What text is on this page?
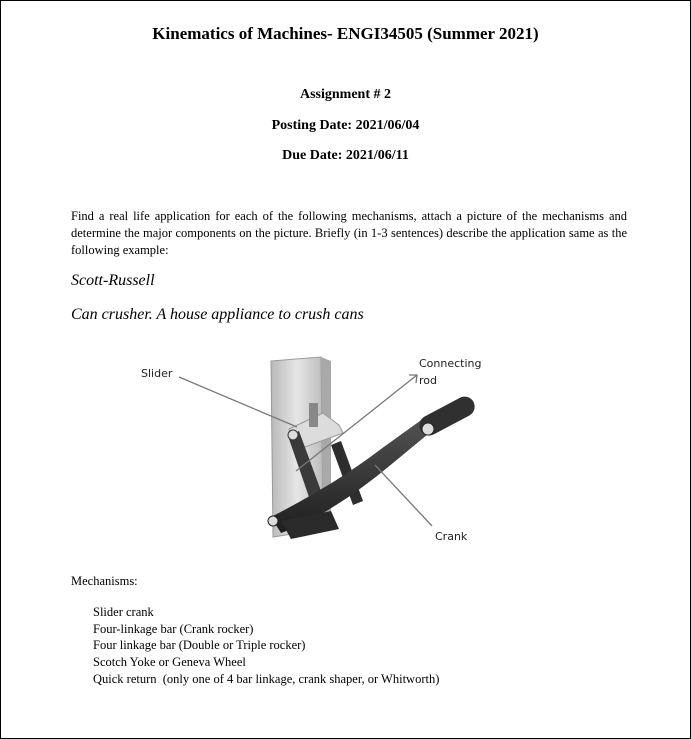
Kinematics of Machines- ENGI34505 (Summer 2021)
Assignment # 2
Posting Date: 2021/06/04
Due Date: 2021/06/11
Find a real life application for each of the following mechanisms, attach a picture of the mechanisms and determine the major components on the picture. Briefly (in 1-3 sentences) describe the application same as the following example:
Scott-Russell
Can crusher. A house appliance to crush cans
Slider
Connecting
rod
Crank
Mechanisms:
Slider crank
Four-linkage bar (Crank rocker)
Four linkage bar (Double or Triple rocker)
Scotch Yoke or Geneva Wheel
Quick return  (only one of 4 bar linkage, crank shaper, or Whitworth)
